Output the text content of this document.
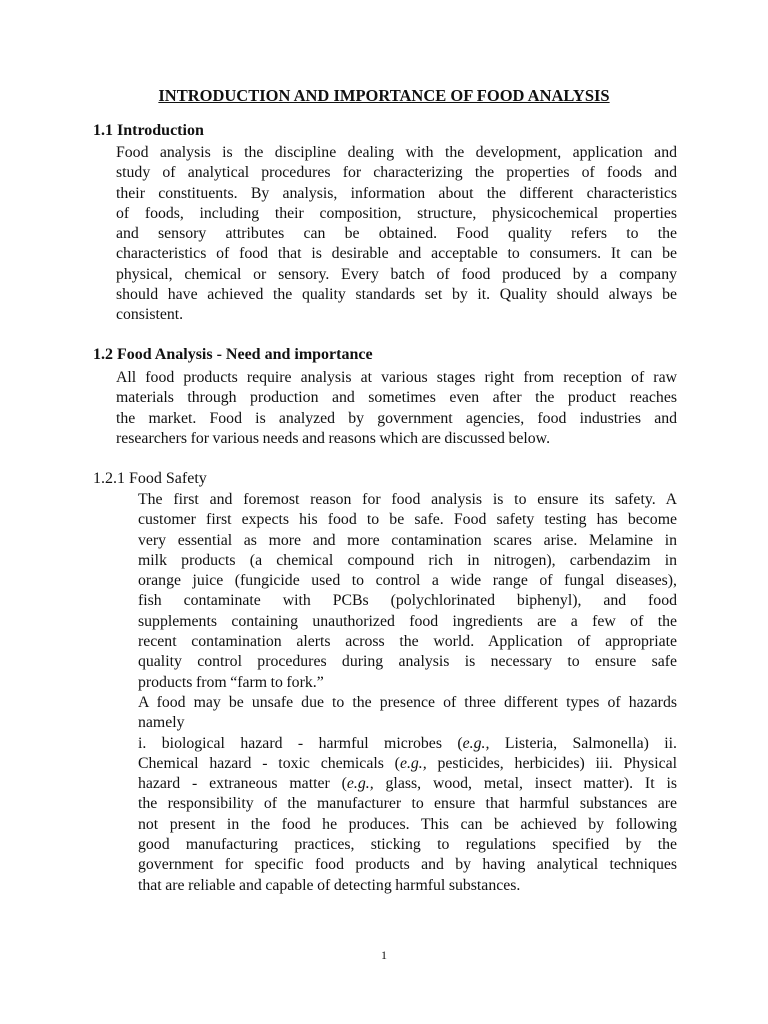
INTRODUCTION AND IMPORTANCE OF FOOD ANALYSIS
1.1 Introduction
Food analysis is the discipline dealing with the development, application and
study of analytical procedures for characterizing the properties of foods and
their constituents. By analysis, information about the different characteristics
of foods, including their composition, structure, physicochemical properties
and sensory attributes can be obtained. Food quality refers to the
characteristics of food that is desirable and acceptable to consumers. It can be
physical, chemical or sensory. Every batch of food produced by a company
should have achieved the quality standards set by it. Quality should always be
consistent.
1.2 Food Analysis - Need and importance
All food products require analysis at various stages right from reception of raw
materials through production and sometimes even after the product reaches
the market. Food is analyzed by government agencies, food industries and
researchers for various needs and reasons which are discussed below.
1.2.1 Food Safety
The first and foremost reason for food analysis is to ensure its safety. A
customer first expects his food to be safe. Food safety testing has become
very essential as more and more contamination scares arise. Melamine in
milk products (a chemical compound rich in nitrogen), carbendazim in
orange juice (fungicide used to control a wide range of fungal diseases),
fish contaminate with PCBs (polychlorinated biphenyl), and food
supplements containing unauthorized food ingredients are a few of the
recent contamination alerts across the world. Application of appropriate
quality control procedures during analysis is necessary to ensure safe
products from “farm to fork.”
A food may be unsafe due to the presence of three different types of hazards
namely
i. biological hazard - harmful microbes (e.g., Listeria, Salmonella) ii.
Chemical hazard - toxic chemicals (e.g., pesticides, herbicides) iii. Physical
hazard - extraneous matter (e.g., glass, wood, metal, insect matter). It is
the responsibility of the manufacturer to ensure that harmful substances are
not present in the food he produces. This can be achieved by following
good manufacturing practices, sticking to regulations specified by the
government for specific food products and by having analytical techniques
that are reliable and capable of detecting harmful substances.
1
